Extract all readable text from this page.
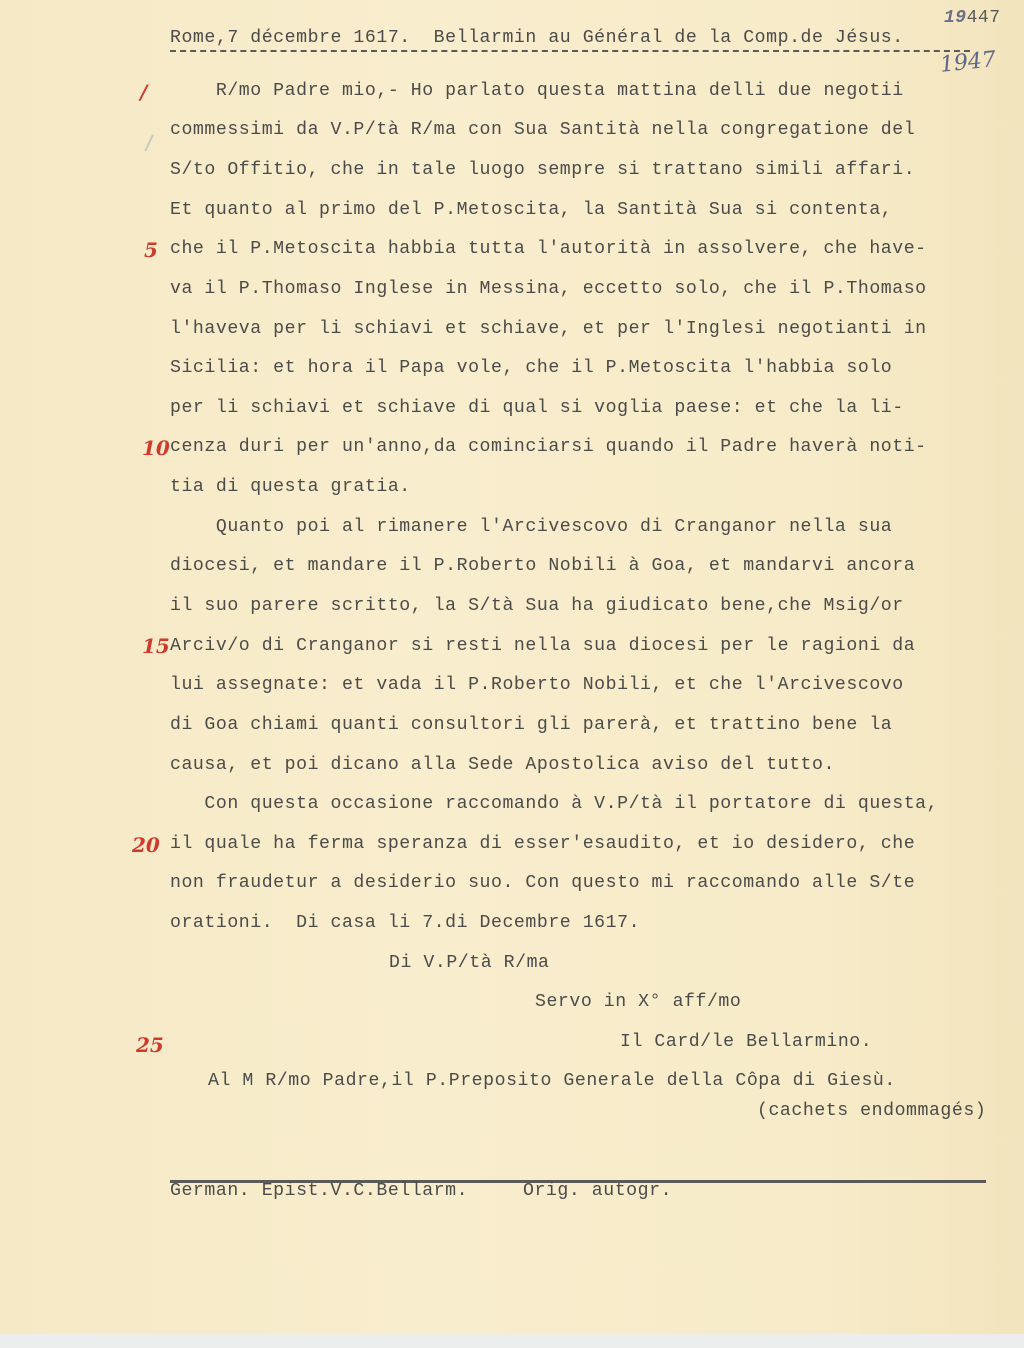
19447
Rome,7 décembre 1617.  Bellarmin au Général de la Comp.de Jésus.
1947
/
5
10
15
20
25
R/mo Padre mio,- Ho parlato questa mattina delli due negotii
commessimi da V.P/tà R/ma con Sua Santità nella congregatione del
S/to Offitio, che in tale luogo sempre si trattano simili affari.
Et quanto al primo del P.Metoscita, la Santità Sua si contenta,
che il P.Metoscita habbia tutta l'autorità in assolvere, che have-
va il P.Thomaso Inglese in Messina, eccetto solo, che il P.Thomaso
l'haveva per li schiavi et schiave, et per l'Inglesi negotianti in
Sicilia: et hora il Papa vole, che il P.Metoscita l'habbia solo
per li schiavi et schiave di qual si voglia paese: et che la li-
cenza duri per un'anno,da cominciarsi quando il Padre haverà noti-
tia di questa gratia.
Quanto poi al rimanere l'Arcivescovo di Cranganor nella sua
diocesi, et mandare il P.Roberto Nobili à Goa, et mandarvi ancora
il suo parere scritto, la S/tà Sua ha giudicato bene,che Msig/or
Arciv/o di Cranganor si resti nella sua diocesi per le ragioni da
lui assegnate: et vada il P.Roberto Nobili, et che l'Arcivescovo
di Goa chiami quanti consultori gli parerà, et trattino bene la
causa, et poi dicano alla Sede Apostolica aviso del tutto.
Con questa occasione raccomando à V.P/tà il portatore di questa,
il quale ha ferma speranza di esser'esaudito, et io desidero, che
non fraudetur a desiderio suo. Con questo mi raccomando alle S/te
orationi.  Di casa li 7.di Decembre 1617.
Di V.P/tà R/ma
Servo in X° aff/mo
Il Card/le Bellarmino.
Al M R/mo Padre,il P.Preposito Generale della Côpa di Giesù.
(cachets endommagés)
German. Epist.V.C.Bellarm.	Orig. autogr.
